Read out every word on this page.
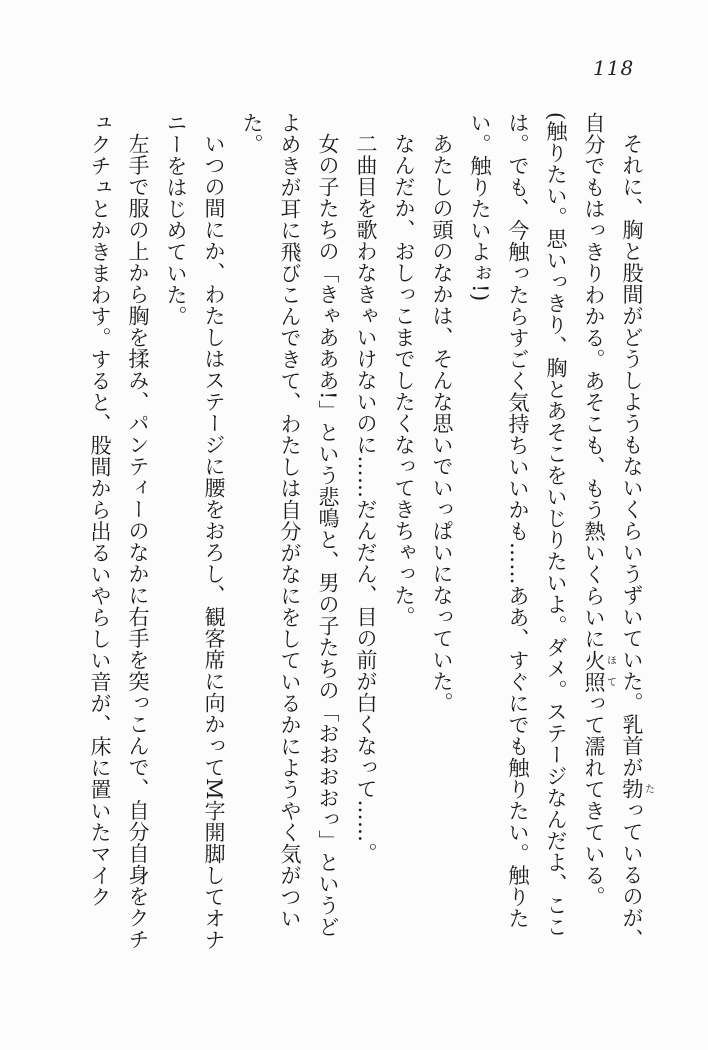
118

それに、胸と股間がどうしようもないくらいうずいていた。乳首が勃たっているのが、自分でもはっきりわかる。あそこも、もう熱いくらいに火照ほてって濡れてきている。

(触りたい。思いっきり、胸とあそこをいじりたいよ。ダメ。ステージなんだよ、ここは。でも、今触ったらすごく気持ちいいかも……ああ、すぐにでも触りたい。触りたい。触りたいよぉ!)

あたしの頭のなかは、そんな思いでいっぱいになっていた。

なんだか、おしっこまでしたくなってきちゃった。

二曲目を歌わなきゃいけないのに……だんだん、目の前が白くなって……。

女の子たちの「きゃあああ!」という悲鳴と、男の子たちの「おおおおっ」というどよめきが耳に飛びこんできて、わたしは自分がなにをしているかにようやく気がついた。

いつの間にか、わたしはステージに腰をおろし、観客席に向かってМ字開脚してオナニーをはじめていた。

左手で服の上から胸を揉み、パンティーのなかに右手を突っこんで、自分自身をクチュクチュとかきまわす。すると、股間から出るいやらしい音が、床に置いたマイク
